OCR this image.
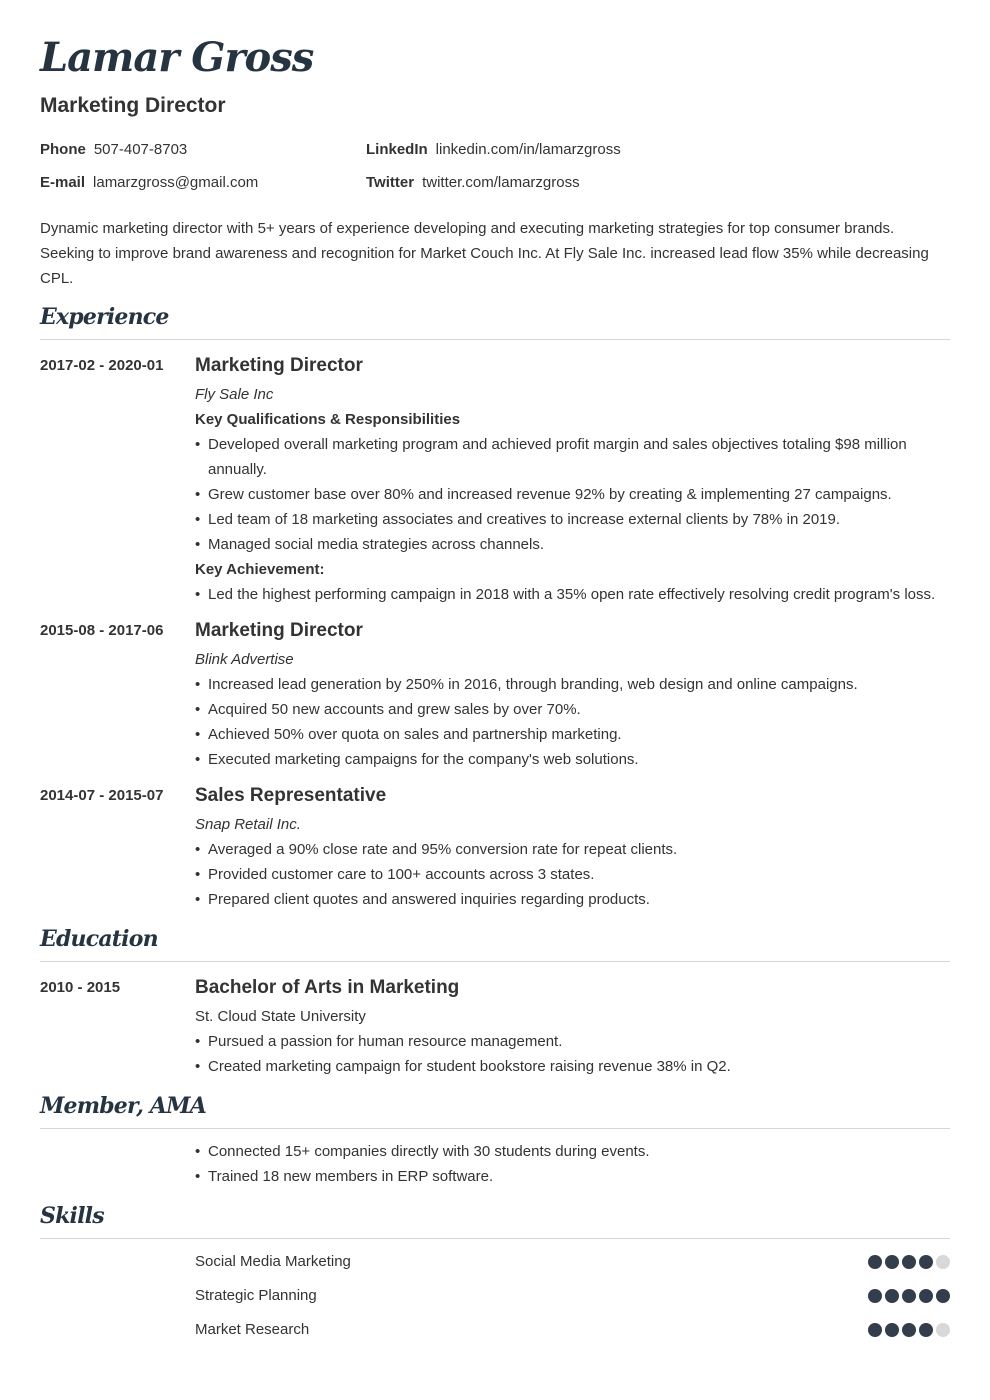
Lamar Gross
Marketing Director
Phone 507-407-8703
E-mail lamarzgross@gmail.com
LinkedIn linkedin.com/in/lamarzgross
Twitter twitter.com/lamarzgross
Dynamic marketing director with 5+ years of experience developing and executing marketing strategies for top consumer brands. Seeking to improve brand awareness and recognition for Market Couch Inc. At Fly Sale Inc. increased lead flow 35% while decreasing CPL.
Experience
2017-02 - 2020-01 Marketing Director
Fly Sale Inc
Key Qualifications & Responsibilities
• Developed overall marketing program and achieved profit margin and sales objectives totaling $98 million annually.
• Grew customer base over 80% and increased revenue 92% by creating & implementing 27 campaigns.
• Led team of 18 marketing associates and creatives to increase external clients by 78% in 2019.
• Managed social media strategies across channels.
Key Achievement:
• Led the highest performing campaign in 2018 with a 35% open rate effectively resolving credit program's loss.
2015-08 - 2017-06 Marketing Director
Blink Advertise
• Increased lead generation by 250% in 2016, through branding, web design and online campaigns.
• Acquired 50 new accounts and grew sales by over 70%.
• Achieved 50% over quota on sales and partnership marketing.
• Executed marketing campaigns for the company's web solutions.
2014-07 - 2015-07 Sales Representative
Snap Retail Inc.
• Averaged a 90% close rate and 95% conversion rate for repeat clients.
• Provided customer care to 100+ accounts across 3 states.
• Prepared client quotes and answered inquiries regarding products.
Education
2010 - 2015	Bachelor of Arts in Marketing
St. Cloud State University
• Pursued a passion for human resource management.
• Created marketing campaign for student bookstore raising revenue 38% in Q2.
Member, AMA
• Connected 15+ companies directly with 30 students during events.
• Trained 18 new members in ERP software.
Skills
Social Media Marketing
Strategic Planning
Market Research
